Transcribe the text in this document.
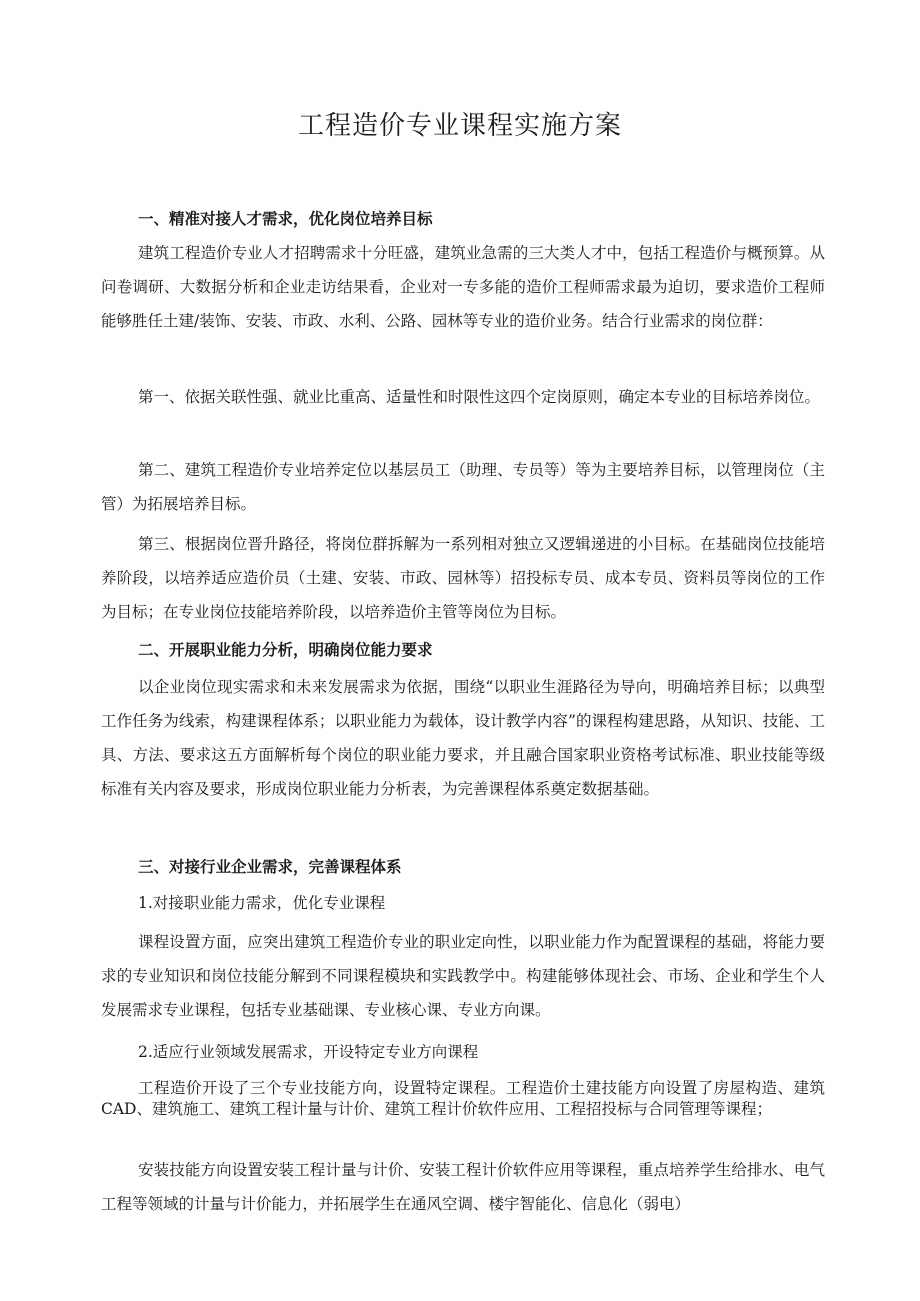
工程造价专业课程实施方案

一、精准对接人才需求，优化岗位培养目标

建筑工程造价专业人才招聘需求十分旺盛，建筑业急需的三大类人才中，包括工程造价与概预算。从问卷调研、大数据分析和企业走访结果看，企业对一专多能的造价工程师需求最为迫切，要求造价工程师能够胜任土建/装饰、安装、市政、水利、公路、园林等专业的造价业务。结合行业需求的岗位群：

第一、依据关联性强、就业比重高、适量性和时限性这四个定岗原则，确定本专业的目标培养岗位。

第二、建筑工程造价专业培养定位以基层员工（助理、专员等）等为主要培养目标，以管理岗位（主管）为拓展培养目标。

第三、根据岗位晋升路径，将岗位群拆解为一系列相对独立又逻辑递进的小目标。在基础岗位技能培养阶段，以培养适应造价员（土建、安装、市政、园林等）招投标专员、成本专员、资料员等岗位的工作为目标；在专业岗位技能培养阶段，以培养造价主管等岗位为目标。

二、开展职业能力分析，明确岗位能力要求

以企业岗位现实需求和未来发展需求为依据，围绕“以职业生涯路径为导向，明确培养目标；以典型工作任务为线索，构建课程体系；以职业能力为载体，设计教学内容”的课程构建思路，从知识、技能、工具、方法、要求这五方面解析每个岗位的职业能力要求，并且融合国家职业资格考试标准、职业技能等级标准有关内容及要求，形成岗位职业能力分析表，为完善课程体系奠定数据基础。

三、对接行业企业需求，完善课程体系

1.对接职业能力需求，优化专业课程

课程设置方面，应突出建筑工程造价专业的职业定向性，以职业能力作为配置课程的基础，将能力要求的专业知识和岗位技能分解到不同课程模块和实践教学中。构建能够体现社会、市场、企业和学生个人发展需求专业课程，包括专业基础课、专业核心课、专业方向课。

2.适应行业领域发展需求，开设特定专业方向课程

工程造价开设了三个专业技能方向，设置特定课程。工程造价土建技能方向设置了房屋构造、建筑CAD、建筑施工、建筑工程计量与计价、建筑工程计价软件应用、工程招投标与合同管理等课程；

安装技能方向设置安装工程计量与计价、安装工程计价软件应用等课程，重点培养学生给排水、电气工程等领域的计量与计价能力，并拓展学生在通风空调、楼宇智能化、信息化（弱电）
